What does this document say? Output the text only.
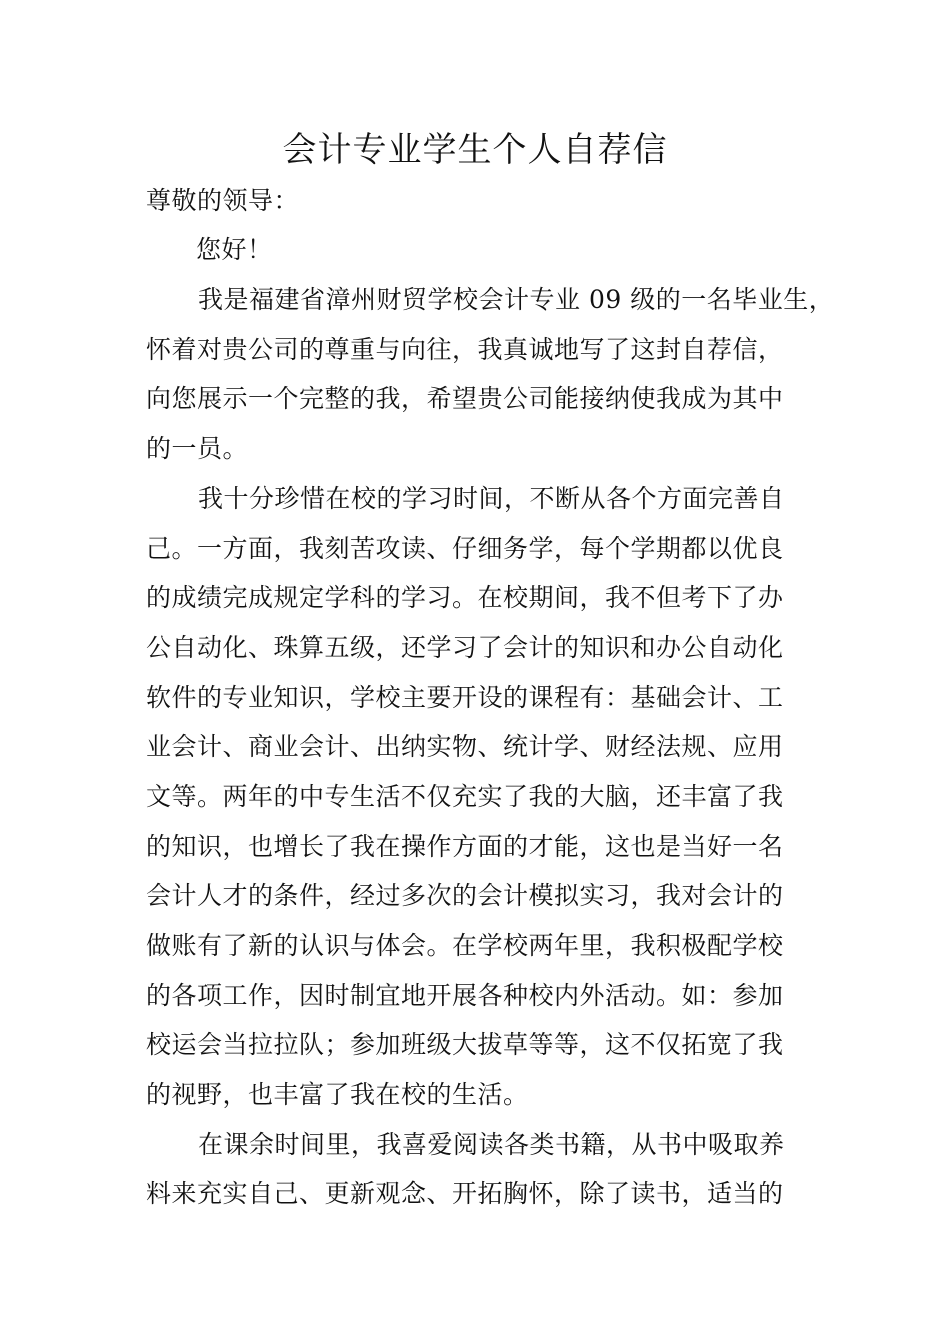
会计专业学生个人自荐信

尊敬的领导：

您好！

我是福建省漳州财贸学校会计专业 09 级的一名毕业生，

怀着对贵公司的尊重与向往，我真诚地写了这封自荐信，

向您展示一个完整的我，希望贵公司能接纳使我成为其中

的一员。

我十分珍惜在校的学习时间，不断从各个方面完善自

己。一方面，我刻苦攻读、仔细务学，每个学期都以优良

的成绩完成规定学科的学习。在校期间，我不但考下了办

公自动化、珠算五级，还学习了会计的知识和办公自动化

软件的专业知识，学校主要开设的课程有：基础会计、工

业会计、商业会计、出纳实物、统计学、财经法规、应用

文等。两年的中专生活不仅充实了我的大脑，还丰富了我

的知识，也增长了我在操作方面的才能，这也是当好一名

会计人才的条件，经过多次的会计模拟实习，我对会计的

做账有了新的认识与体会。在学校两年里，我积极配学校

的各项工作，因时制宜地开展各种校内外活动。如：参加

校运会当拉拉队；参加班级大拔草等等，这不仅拓宽了我

的视野，也丰富了我在校的生活。

在课余时间里，我喜爱阅读各类书籍，从书中吸取养

料来充实自己、更新观念、开拓胸怀，除了读书，适当的
